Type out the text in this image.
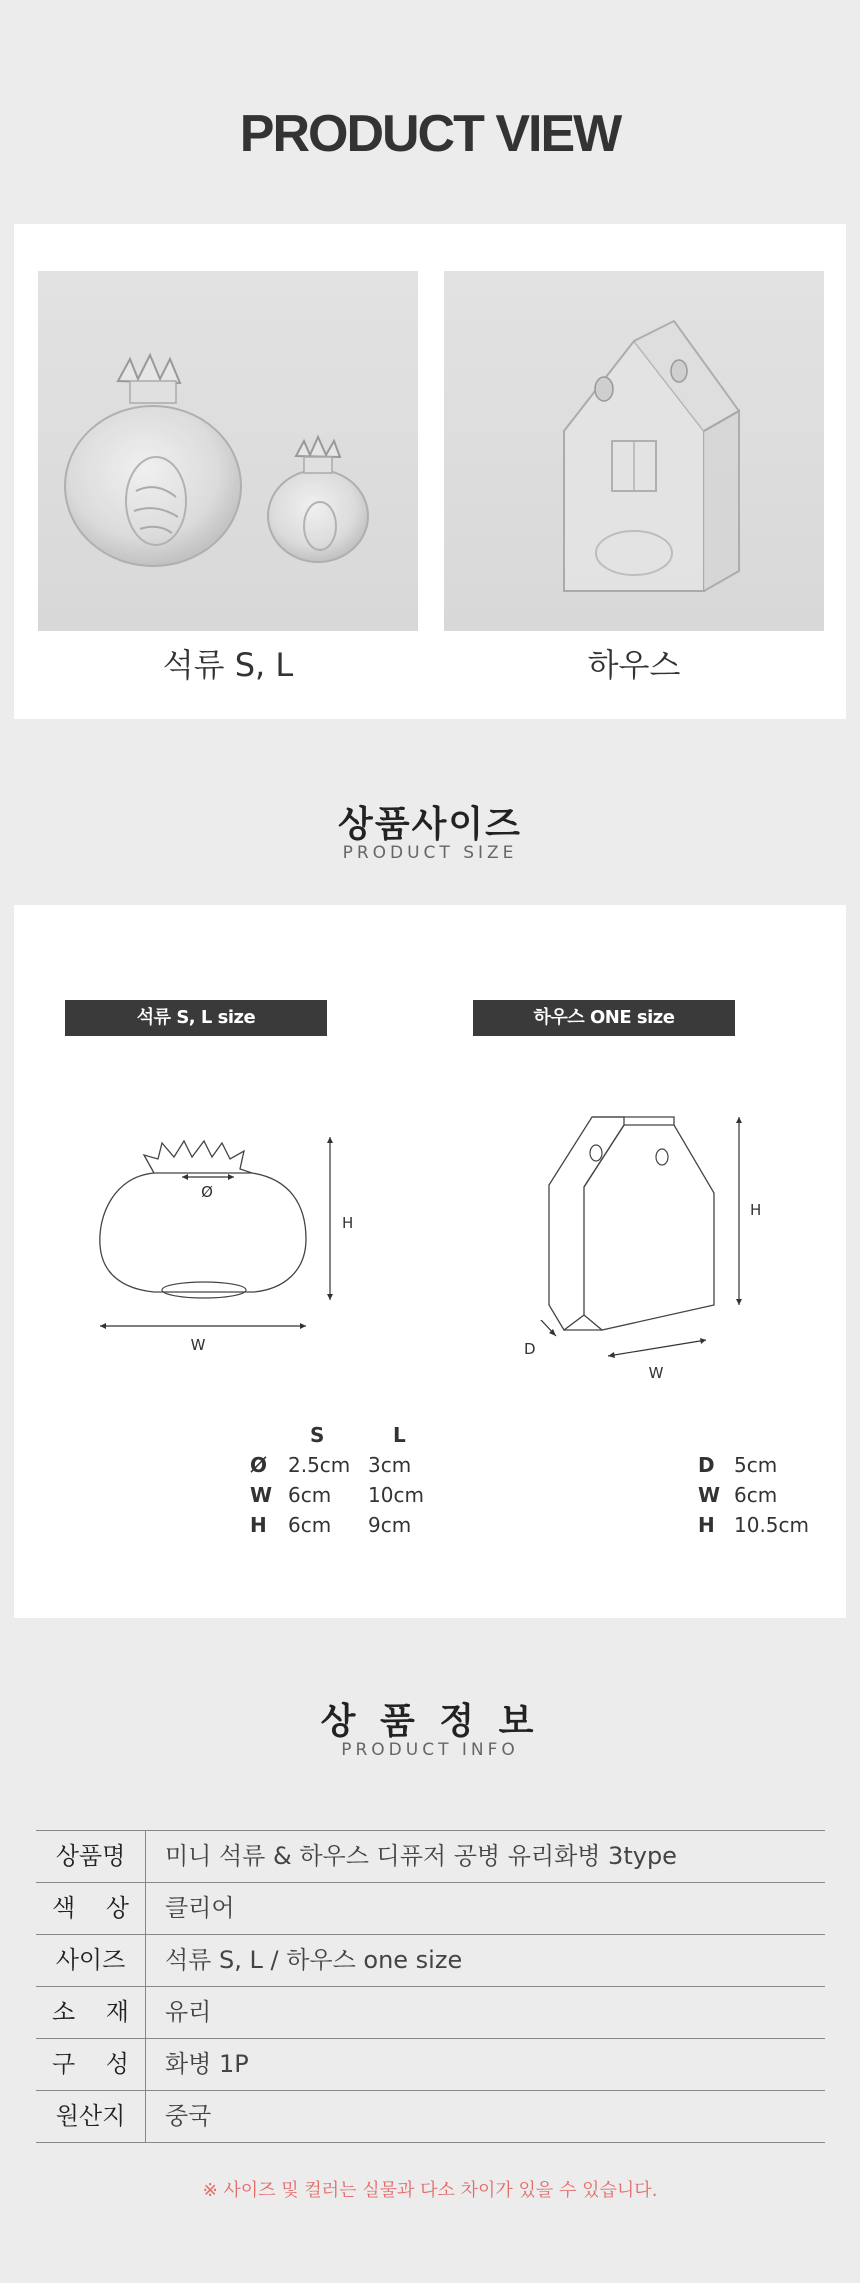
PRODUCT VIEW
석류 S, L	하우스
상품사이즈
PRODUCT SIZE
석류 S, L size	하우스 ONE size
Ø
H
W
H
D
W
S	L
Ø 2.5cm 3cm
W 6cm 10cm
H 6cm 9cm
D 5cm
W 6cm
H 10.5cm
상 품 정 보
PRODUCT INFO
상품명	미니 석류 & 하우스 디퓨저 공병 유리화병 3type
색    상	클리어
사이즈	석류 S, L / 하우스 one size
소    재	유리
구    성	화병 1P
원산지	중국
※ 사이즈 및 컬러는 실물과 다소 차이가 있을 수 있습니다.
